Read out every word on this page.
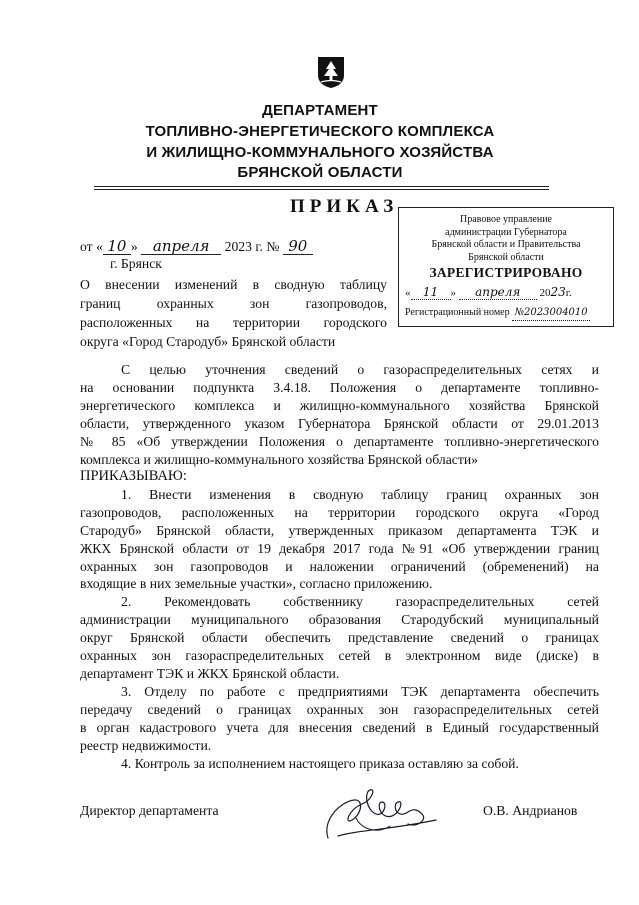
ДЕПАРТАМЕНТ
ТОПЛИВНО-ЭНЕРГЕТИЧЕСКОГО КОМПЛЕКСА
И ЖИЛИЩНО-КОММУНАЛЬНОГО ХОЗЯЙСТВА
БРЯНСКОЙ ОБЛАСТИ
ПРИКАЗ
от « 10 » апреля 2023 г. № 90
г. Брянск
О внесении изменений в сводную таблицу
границ охранных зон газопроводов,
расположенных на территории городского
округа «Город Стародуб» Брянской области
Правовое управление
администрации Губернатора
Брянской области и Правительства
Брянской области
ЗАРЕГИСТРИРОВАНО
« 11 » апреля 2023г.
Регистрационный номер №2023004010
С целью уточнения сведений о газораспределительных сетях и
на основании подпункта 3.4.18. Положения о департаменте топливно-
энергетического комплекса и жилищно-коммунального хозяйства Брянской
области, утвержденного указом Губернатора Брянской области от 29.01.2013
№ 85 «Об утверждении Положения о департаменте топливно-энергетического
комплекса и жилищно-коммунального хозяйства Брянской области»
ПРИКАЗЫВАЮ:
1. Внести изменения в сводную таблицу границ охранных зон
газопроводов, расположенных на территории городского округа «Город
Стародуб» Брянской области, утвержденных приказом департамента ТЭК и
ЖКХ Брянской области от 19 декабря 2017 года №91 «Об утверждении границ
охранных зон газопроводов и наложении ограничений (обременений) на
входящие в них земельные участки», согласно приложению.
2. Рекомендовать собственнику газораспределительных сетей
администрации муниципального образования Стародубский муниципальный
округ Брянской области обеспечить представление сведений о границах
охранных зон газораспределительных сетей в электронном виде (диске) в
департамент ТЭК и ЖКХ Брянской области.
3. Отделу по работе с предприятиями ТЭК департамента обеспечить
передачу сведений о границах охранных зон газораспределительных сетей
в орган кадастрового учета для внесения сведений в Единый государственный
реестр недвижимости.
4. Контроль за исполнением настоящего приказа оставляю за собой.
Директор департамента	О.В. Андрианов
